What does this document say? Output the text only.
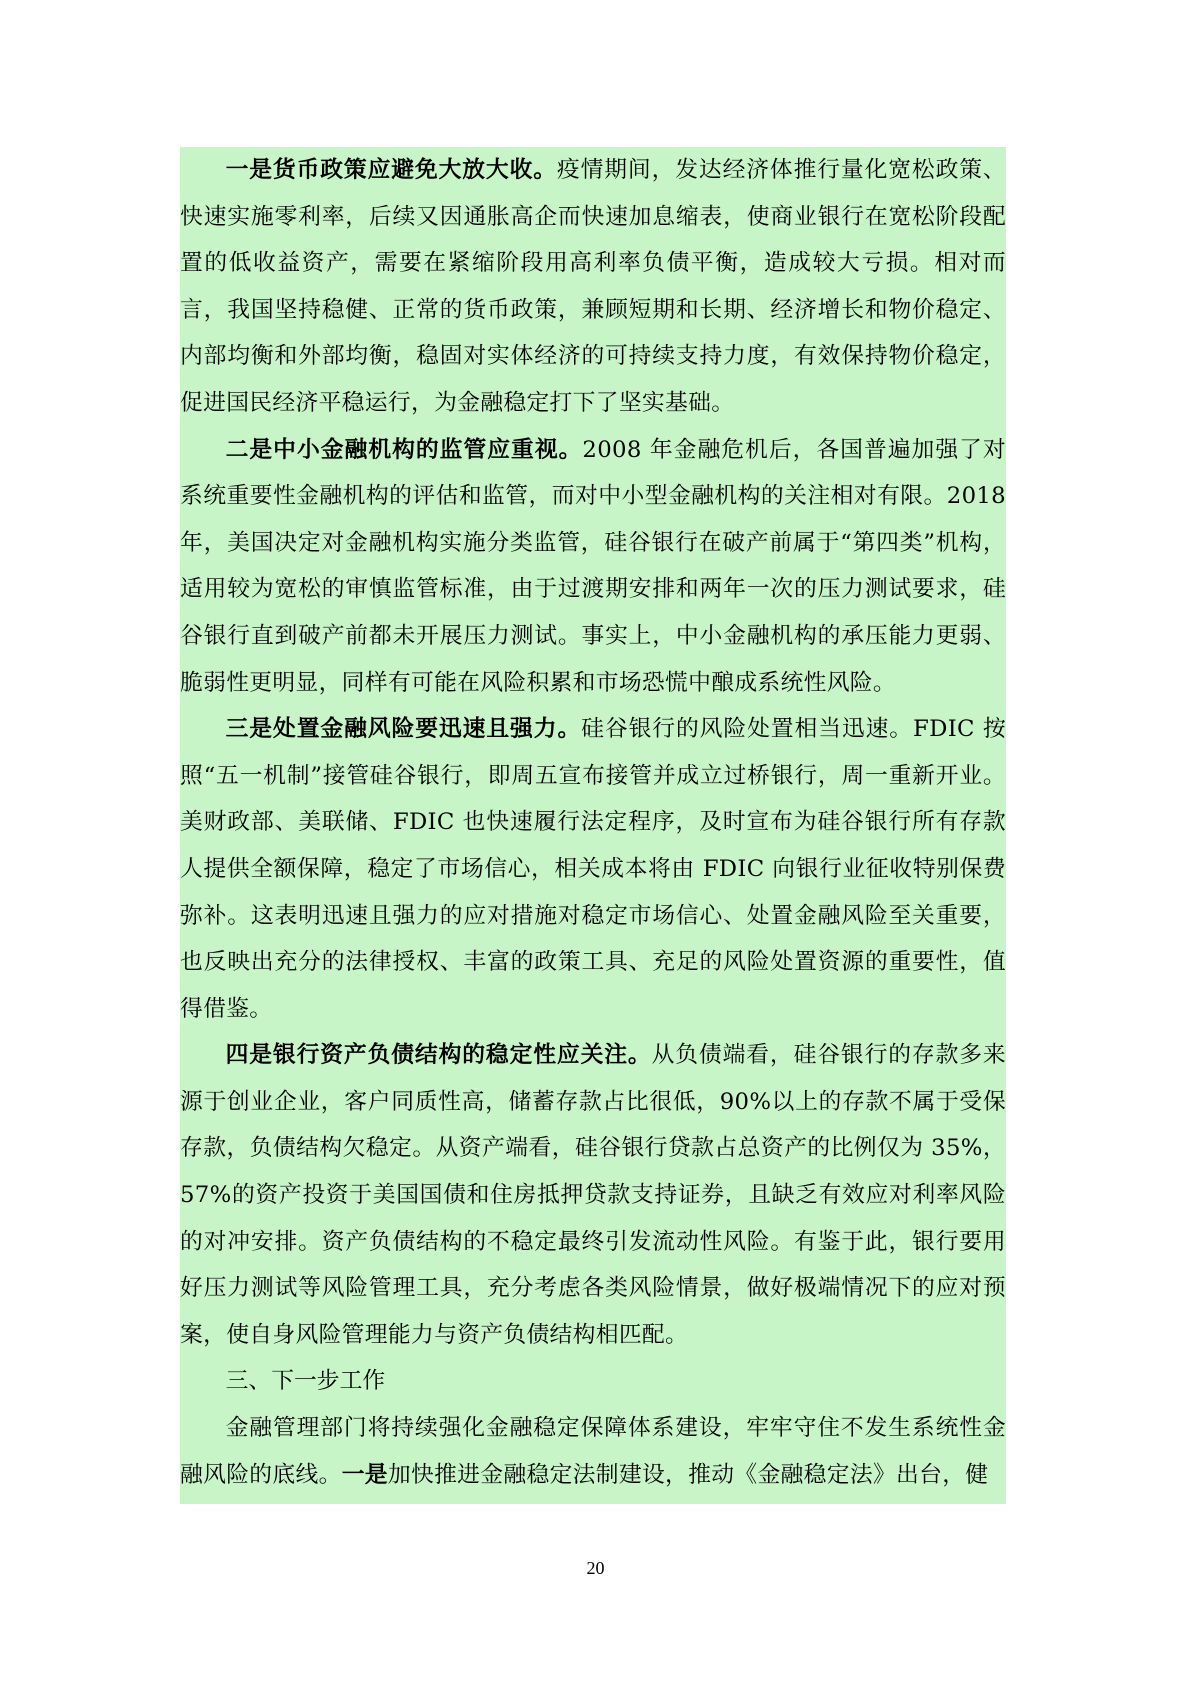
一是货币政策应避免大放大收。疫情期间，发达经济体推行量化宽松政策、快速实施零利率，后续又因通胀高企而快速加息缩表，使商业银行在宽松阶段配置的低收益资产，需要在紧缩阶段用高利率负债平衡，造成较大亏损。相对而言，我国坚持稳健、正常的货币政策，兼顾短期和长期、经济增长和物价稳定、内部均衡和外部均衡，稳固对实体经济的可持续支持力度，有效保持物价稳定，促进国民经济平稳运行，为金融稳定打下了坚实基础。

二是中小金融机构的监管应重视。2008 年金融危机后，各国普遍加强了对系统重要性金融机构的评估和监管，而对中小型金融机构的关注相对有限。2018 年，美国决定对金融机构实施分类监管，硅谷银行在破产前属于“第四类”机构，适用较为宽松的审慎监管标准，由于过渡期安排和两年一次的压力测试要求，硅谷银行直到破产前都未开展压力测试。事实上，中小金融机构的承压能力更弱、脆弱性更明显，同样有可能在风险积累和市场恐慌中酿成系统性风险。

三是处置金融风险要迅速且强力。硅谷银行的风险处置相当迅速。FDIC 按照“五一机制”接管硅谷银行，即周五宣布接管并成立过桥银行，周一重新开业。美财政部、美联储、FDIC 也快速履行法定程序，及时宣布为硅谷银行所有存款人提供全额保障，稳定了市场信心，相关成本将由 FDIC 向银行业征收特别保费弥补。这表明迅速且强力的应对措施对稳定市场信心、处置金融风险至关重要，也反映出充分的法律授权、丰富的政策工具、充足的风险处置资源的重要性，值得借鉴。

四是银行资产负债结构的稳定性应关注。从负债端看，硅谷银行的存款多来源于创业企业，客户同质性高，储蓄存款占比很低，90%以上的存款不属于受保存款，负债结构欠稳定。从资产端看，硅谷银行贷款占总资产的比例仅为 35%，57%的资产投资于美国国债和住房抵押贷款支持证券，且缺乏有效应对利率风险的对冲安排。资产负债结构的不稳定最终引发流动性风险。有鉴于此，银行要用好压力测试等风险管理工具，充分考虑各类风险情景，做好极端情况下的应对预案，使自身风险管理能力与资产负债结构相匹配。

三、下一步工作

金融管理部门将持续强化金融稳定保障体系建设，牢牢守住不发生系统性金融风险的底线。一是加快推进金融稳定法制建设，推动《金融稳定法》出台，健

20
